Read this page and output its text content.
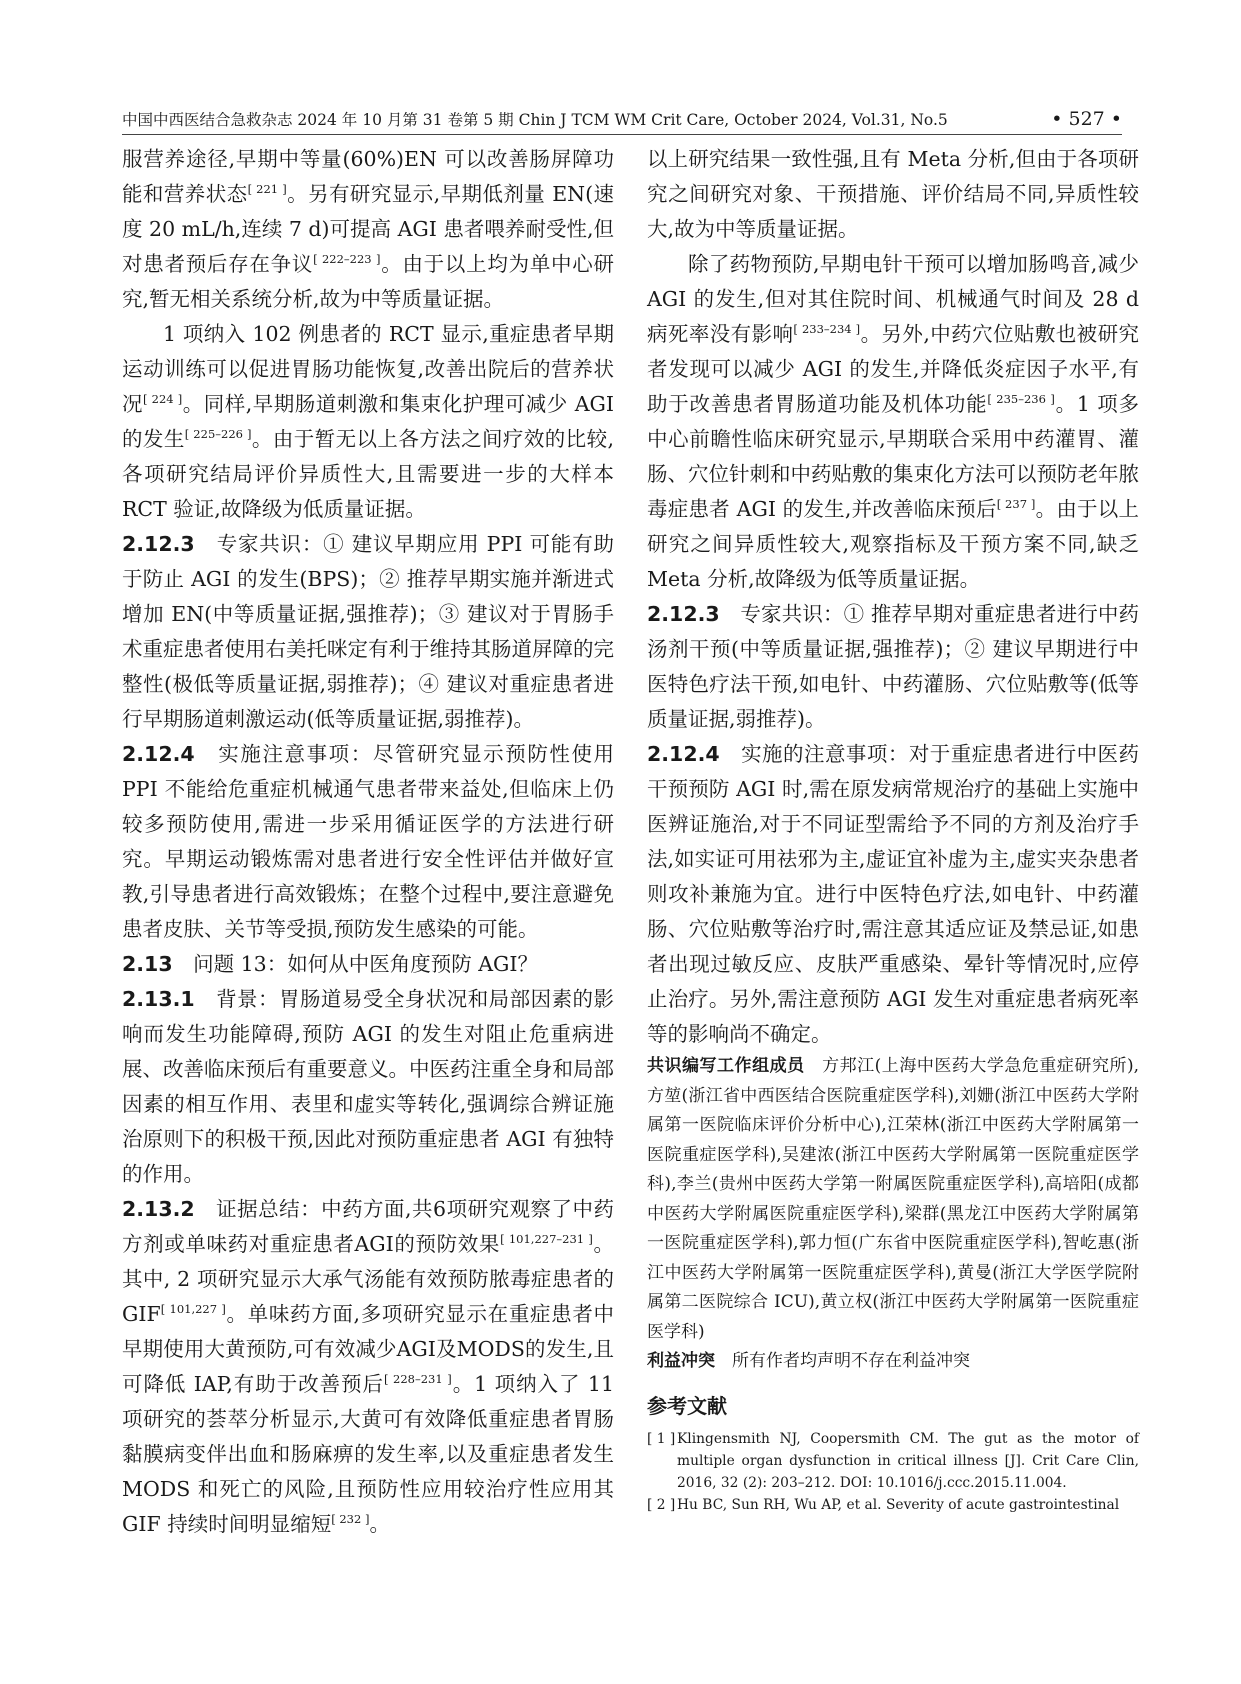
中国中西医结合急救杂志 2024 年 10 月第 31 卷第 5 期 Chin J TCM WM Crit Care, October 2024, Vol.31, No.5	• 527 •

服营养途径,早期中等量(60%)EN 可以改善肠屏障功能和营养状态[ 221 ]。另有研究显示,早期低剂量 EN(速度 20 mL/h,连续 7 d)可提高 AGI 患者喂养耐受性,但对患者预后存在争议[ 222–223 ]。由于以上均为单中心研究,暂无相关系统分析,故为中等质量证据。

1 项纳入 102 例患者的 RCT 显示,重症患者早期运动训练可以促进胃肠功能恢复,改善出院后的营养状况[ 224 ]。同样,早期肠道刺激和集束化护理可减少 AGI 的发生[ 225–226 ]。由于暂无以上各方法之间疗效的比较,各项研究结局评价异质性大,且需要进一步的大样本 RCT 验证,故降级为低质量证据。

2.12.3　 专家共识：① 建议早期应用 PPI 可能有助于防止 AGI 的发生(BPS)；② 推荐早期实施并渐进式增加 EN(中等质量证据,强推荐)；③ 建议对于胃肠手术重症患者使用右美托咪定有利于维持其肠道屏障的完整性(极低等质量证据,弱推荐)；④ 建议对重症患者进行早期肠道刺激运动(低等质量证据,弱推荐)。

2.12.4　 实施注意事项：尽管研究显示预防性使用 PPI 不能给危重症机械通气患者带来益处,但临床上仍较多预防使用,需进一步采用循证医学的方法进行研究。早期运动锻炼需对患者进行安全性评估并做好宣教,引导患者进行高效锻炼；在整个过程中,要注意避免患者皮肤、关节等受损,预防发生感染的可能。

2.13　 问题 13：如何从中医角度预防 AGI？

2.13.1　 背景：胃肠道易受全身状况和局部因素的影响而发生功能障碍,预防 AGI 的发生对阻止危重病进展、改善临床预后有重要意义。中医药注重全身和局部因素的相互作用、表里和虚实等转化,强调综合辨证施治原则下的积极干预,因此对预防重症患者 AGI 有独特的作用。

2.13.2　 证据总结：中药方面,共6项研究观察了中药方剂或单味药对重症患者AGI的预防效果[ 101,227–231 ]。其中, 2 项研究显示大承气汤能有效预防脓毒症患者的 GIF[ 101,227 ]。单味药方面,多项研究显示在重症患者中早期使用大黄预防,可有效减少AGI及MODS的发生,且可降低 IAP,有助于改善预后[ 228–231 ]。1 项纳入了 11 项研究的荟萃分析显示,大黄可有效降低重症患者胃肠黏膜病变伴出血和肠麻痹的发生率,以及重症患者发生 MODS 和死亡的风险,且预防性应用较治疗性应用其 GIF 持续时间明显缩短[ 232 ]。

以上研究结果一致性强,且有 Meta 分析,但由于各项研究之间研究对象、干预措施、评价结局不同,异质性较大,故为中等质量证据。

除了药物预防,早期电针干预可以增加肠鸣音,减少 AGI 的发生,但对其住院时间、机械通气时间及 28 d 病死率没有影响[ 233–234 ]。另外,中药穴位贴敷也被研究者发现可以减少 AGI 的发生,并降低炎症因子水平,有助于改善患者胃肠道功能及机体功能[ 235–236 ]。1 项多中心前瞻性临床研究显示,早期联合采用中药灌胃、灌肠、穴位针刺和中药贴敷的集束化方法可以预防老年脓毒症患者 AGI 的发生,并改善临床预后[ 237 ]。由于以上研究之间异质性较大,观察指标及干预方案不同,缺乏 Meta 分析,故降级为低等质量证据。

2.12.3　 专家共识：① 推荐早期对重症患者进行中药汤剂干预(中等质量证据,强推荐)；② 建议早期进行中医特色疗法干预,如电针、中药灌肠、穴位贴敷等(低等质量证据,弱推荐)。

2.12.4　 实施的注意事项：对于重症患者进行中医药干预预防 AGI 时,需在原发病常规治疗的基础上实施中医辨证施治,对于不同证型需给予不同的方剂及治疗手法,如实证可用祛邪为主,虚证宜补虚为主,虚实夹杂患者则攻补兼施为宜。进行中医特色疗法,如电针、中药灌肠、穴位贴敷等治疗时,需注意其适应证及禁忌证,如患者出现过敏反应、皮肤严重感染、晕针等情况时,应停止治疗。另外,需注意预防 AGI 发生对重症患者病死率等的影响尚不确定。

共识编写工作组成员　 方邦江(上海中医药大学急危重症研究所),方堃(浙江省中西医结合医院重症医学科),刘姗(浙江中医药大学附属第一医院临床评价分析中心),江荣林(浙江中医药大学附属第一医院重症医学科),吴建浓(浙江中医药大学附属第一医院重症医学科),李兰(贵州中医药大学第一附属医院重症医学科),高培阳(成都中医药大学附属医院重症医学科),梁群(黑龙江中医药大学附属第一医院重症医学科),郭力恒(广东省中医院重症医学科),智屹惠(浙江中医药大学附属第一医院重症医学科),黄曼(浙江大学医学院附属第二医院综合 ICU),黄立权(浙江中医药大学附属第一医院重症医学科)

利益冲突　 所有作者均声明不存在利益冲突

参考文献
[ 1 ] Klingensmith NJ, Coopersmith CM. The gut as the motor of multiple organ dysfunction in critical illness [J]. Crit Care Clin, 2016, 32 (2): 203–212. DOI: 10.1016/j.ccc.2015.11.004.
[ 2 ] Hu BC, Sun RH, Wu AP, et al. Severity of acute gastrointestinal
